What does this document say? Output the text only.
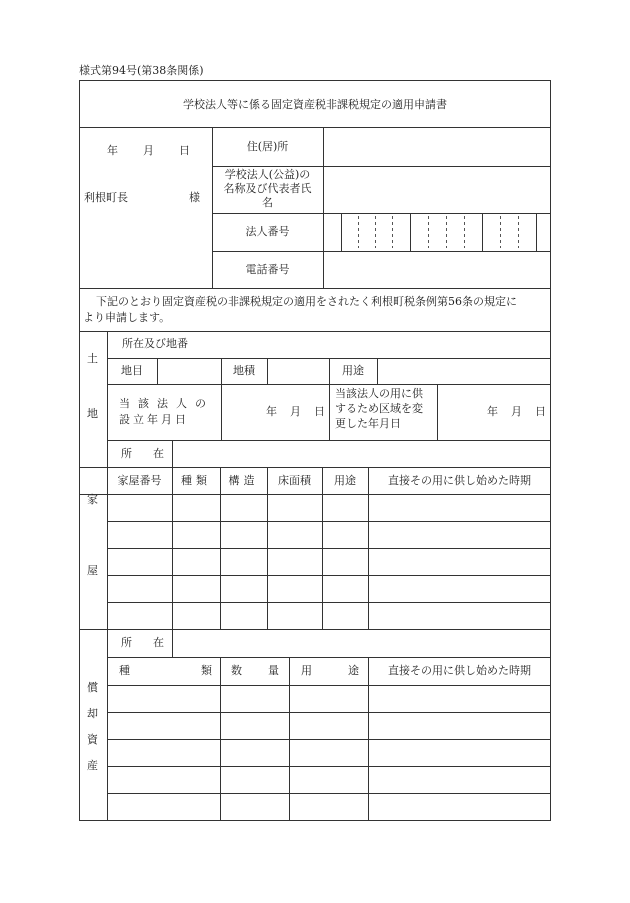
様式第94号(第38条関係)
学校法人等に係る固定資産税非課税規定の適用申請書
年 月 日
利根町長	様
住(居)所
学校法人(公益)の
名称及び代表者氏
名
法人番号
電話番号
下記のとおり固定資産税の非課税規定の適用をされたく利根町税条例第56条の規定に
より申請します。
土
地
所在及び地番
地目	地積	用途
当該法人の
設立年月日
年 月 日
当該法人の用に供
するため区域を変
更した年月日
年 月 日
家
屋
所 在
家屋番号	種類	構造	床面積	用途	直接その用に供し始めた時期
償
却
資
産
所 在
種	類 数 量 用	途	直接その用に供し始めた時期
